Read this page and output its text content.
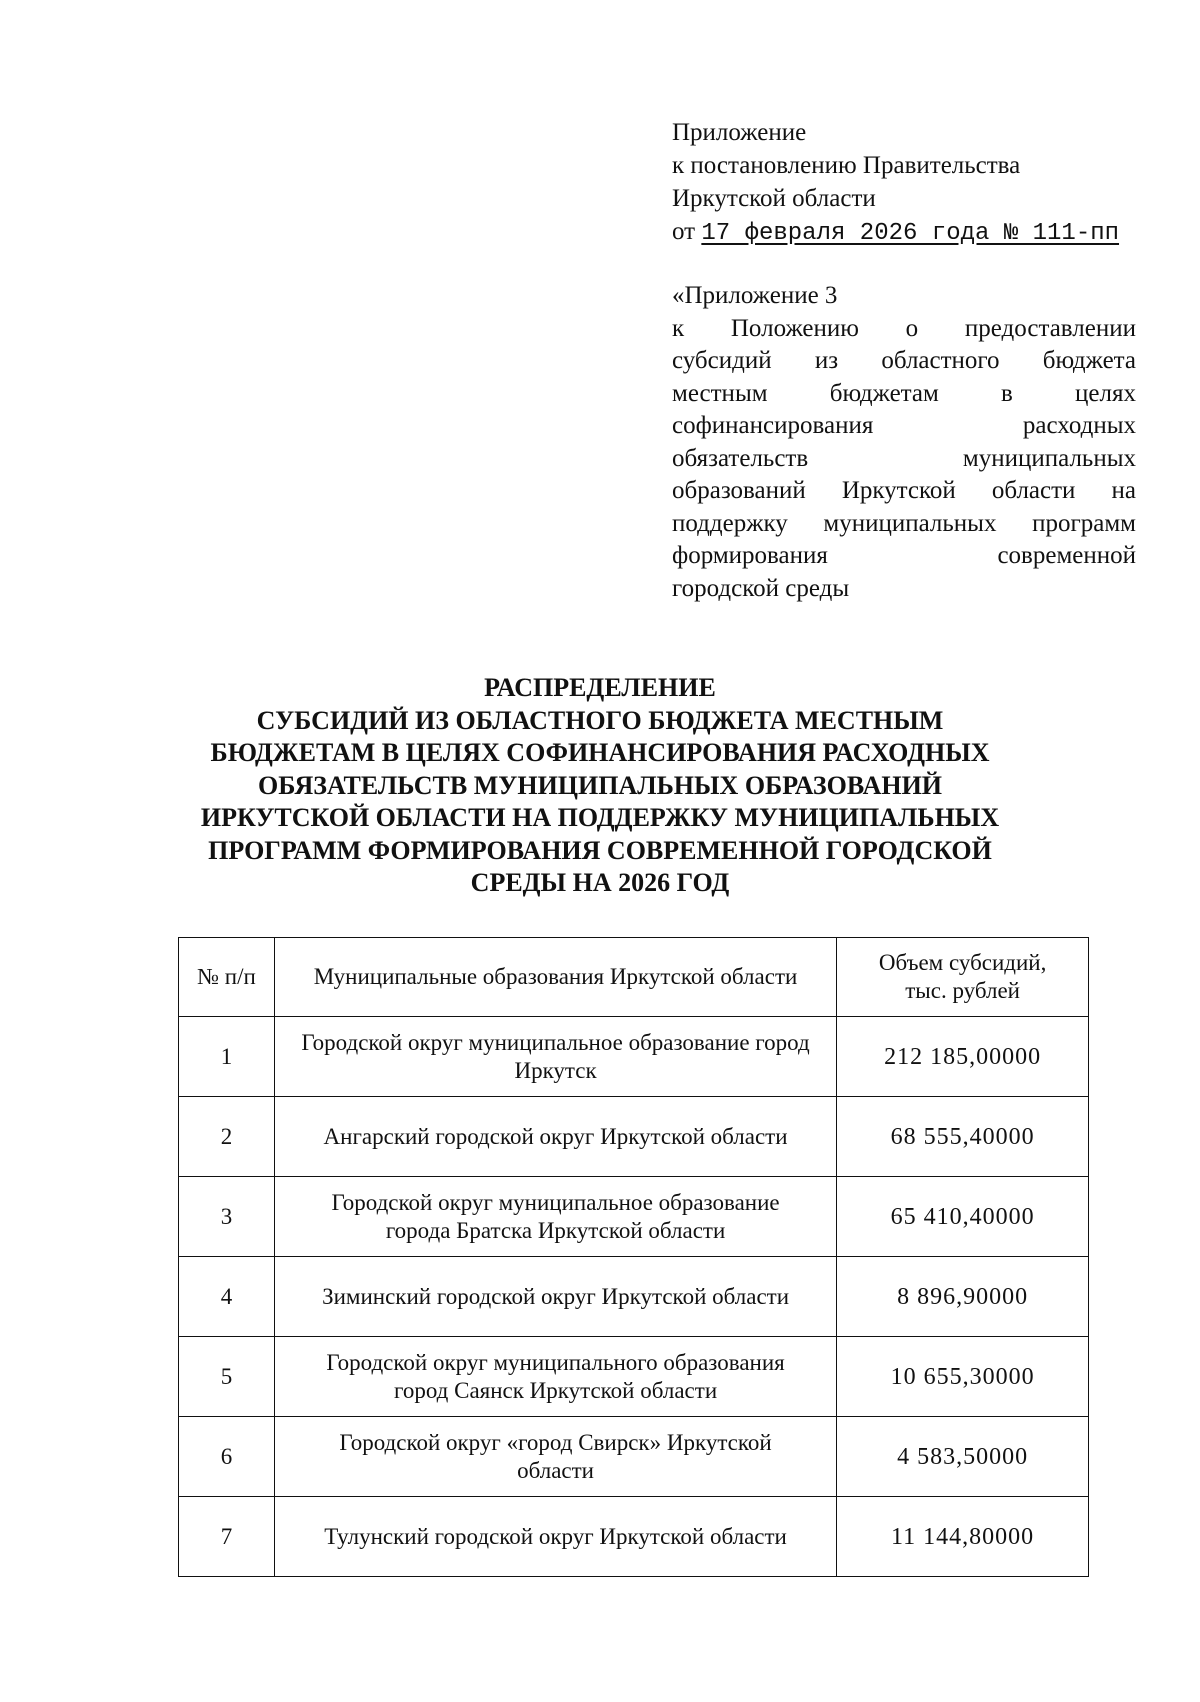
Приложение
к постановлению Правительства
Иркутской области
от 17 февраля 2026 года № 111-пп
«Приложение 3
к Положению о предоставлении
субсидий из областного бюджета
местным бюджетам в целях
софинансирования расходных
обязательств муниципальных
образований Иркутской области на
поддержку муниципальных программ
формирования современной
городской среды
РАСПРЕДЕЛЕНИЕ
СУБСИДИЙ ИЗ ОБЛАСТНОГО БЮДЖЕТА МЕСТНЫМ
БЮДЖЕТАМ В ЦЕЛЯХ СОФИНАНСИРОВАНИЯ РАСХОДНЫХ
ОБЯЗАТЕЛЬСТВ МУНИЦИПАЛЬНЫХ ОБРАЗОВАНИЙ
ИРКУТСКОЙ ОБЛАСТИ НА ПОДДЕРЖКУ МУНИЦИПАЛЬНЫХ
ПРОГРАММ ФОРМИРОВАНИЯ СОВРЕМЕННОЙ ГОРОДСКОЙ
СРЕДЫ НА 2026 ГОД
№ п/п	Муниципальные образования Иркутской области	Объем субсидий,
тыс. рублей

1	Городской округ муниципальное образование город
Иркутск	212 185,00000
2	Ангарский городской округ Иркутской области	68 555,40000
3	Городской округ муниципальное образование
города Братска Иркутской области	65 410,40000
4	Зиминский городской округ Иркутской области	8 896,90000
5	Городской округ муниципального образования
город Саянск Иркутской области	10 655,30000
6	Городской округ «город Свирск» Иркутской
области	4 583,50000
7	Тулунский городской округ Иркутской области	11 144,80000
